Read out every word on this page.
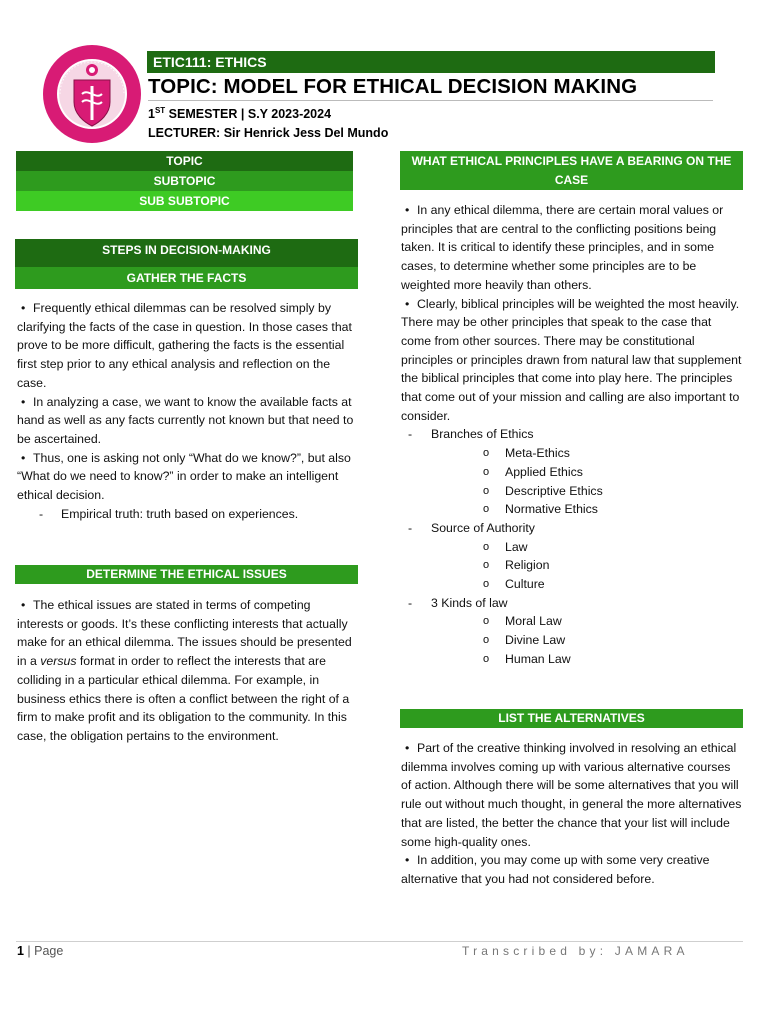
ETIC111: ETHICS
TOPIC: MODEL FOR ETHICAL DECISION MAKING
1ST SEMESTER | S.Y 2023-2024
LECTURER: Sir Henrick Jess Del Mundo
TOPIC
SUBTOPIC
SUB SUBTOPIC
STEPS IN DECISION-MAKING
GATHER THE FACTS

• Frequently ethical dilemmas can be resolved simply by clarifying the facts of the case in question. In those cases that prove to be more difficult, gathering the facts is the essential first step prior to any ethical analysis and reflection on the case.

• In analyzing a case, we want to know the available facts at hand as well as any facts currently not known but that need to be ascertained.

• Thus, one is asking not only “What do we know?”, but also “What do we need to know?” in order to make an intelligent ethical decision.

- Empirical truth: truth based on experiences.

DETERMINE THE ETHICAL ISSUES

• The ethical issues are stated in terms of competing interests or goods. It’s these conflicting interests that actually make for an ethical dilemma. The issues should be presented in a versus format in order to reflect the interests that are colliding in a particular ethical dilemma. For example, in business ethics there is often a conflict between the right of a firm to make profit and its obligation to the community. In this case, the obligation pertains to the environment.

WHAT ETHICAL PRINCIPLES HAVE A BEARING ON THE CASE

• In any ethical dilemma, there are certain moral values or principles that are central to the conflicting positions being taken. It is critical to identify these principles, and in some cases, to determine whether some principles are to be weighted more heavily than others.

• Clearly, biblical principles will be weighted the most heavily. There may be other principles that speak to the case that come from other sources. There may be constitutional principles or principles drawn from natural law that supplement the biblical principles that come into play here. The principles that come out of your mission and calling are also important to consider.

- Branches of Ethics
o Meta-Ethics
o Applied Ethics
o Descriptive Ethics
o Normative Ethics
- Source of Authority
o Law
o Religion
o Culture
- 3 Kinds of law
o Moral Law
o Divine Law
o Human Law
LIST THE ALTERNATIVES

• Part of the creative thinking involved in resolving an ethical dilemma involves coming up with various alternative courses of action. Although there will be some alternatives that you will rule out without much thought, in general the more alternatives that are listed, the better the chance that your list will include some high-quality ones.

• In addition, you may come up with some very creative alternative that you had not considered before.

1 | Page	Transcribed by: JAMARA
